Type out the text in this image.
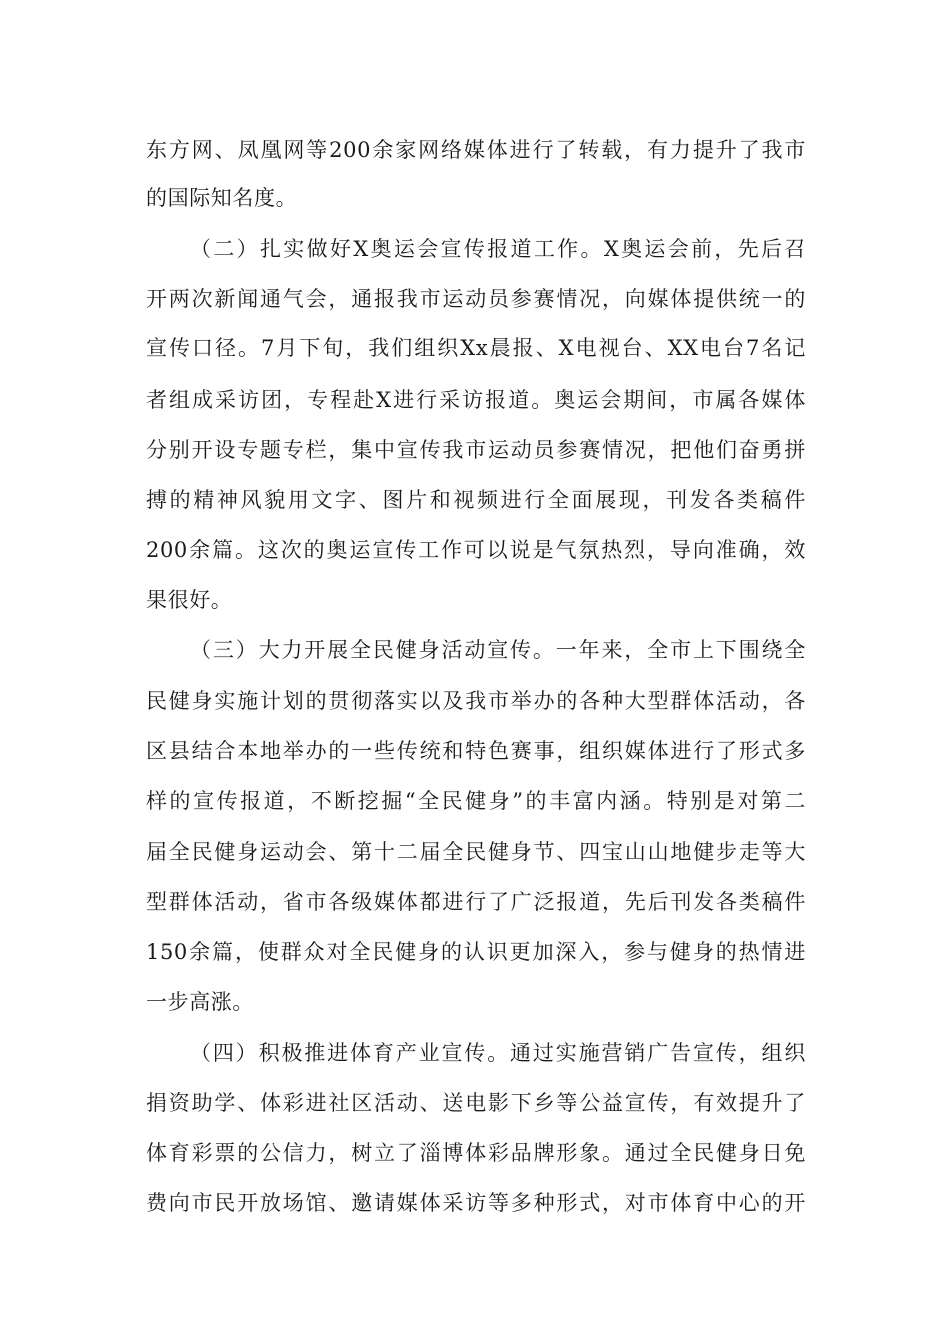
东方网、凤凰网等200余家网络媒体进行了转载，有力提升了我市
的国际知名度。
（二）扎实做好X奥运会宣传报道工作。X奥运会前，先后召
开两次新闻通气会，通报我市运动员参赛情况，向媒体提供统一的
宣传口径。7月下旬，我们组织Xx晨报、X电视台、XX电台7名记
者组成采访团，专程赴X进行采访报道。奥运会期间，市属各媒体
分别开设专题专栏，集中宣传我市运动员参赛情况，把他们奋勇拼
搏的精神风貌用文字、图片和视频进行全面展现，刊发各类稿件
200余篇。这次的奥运宣传工作可以说是气氛热烈，导向准确，效
果很好。
（三）大力开展全民健身活动宣传。一年来，全市上下围绕全
民健身实施计划的贯彻落实以及我市举办的各种大型群体活动，各
区县结合本地举办的一些传统和特色赛事，组织媒体进行了形式多
样的宣传报道，不断挖掘“全民健身”的丰富内涵。特别是对第二
届全民健身运动会、第十二届全民健身节、四宝山山地健步走等大
型群体活动，省市各级媒体都进行了广泛报道，先后刊发各类稿件
150余篇，使群众对全民健身的认识更加深入，参与健身的热情进
一步高涨。
（四）积极推进体育产业宣传。通过实施营销广告宣传，组织
捐资助学、体彩进社区活动、送电影下乡等公益宣传，有效提升了
体育彩票的公信力，树立了淄博体彩品牌形象。通过全民健身日免
费向市民开放场馆、邀请媒体采访等多种形式，对市体育中心的开
